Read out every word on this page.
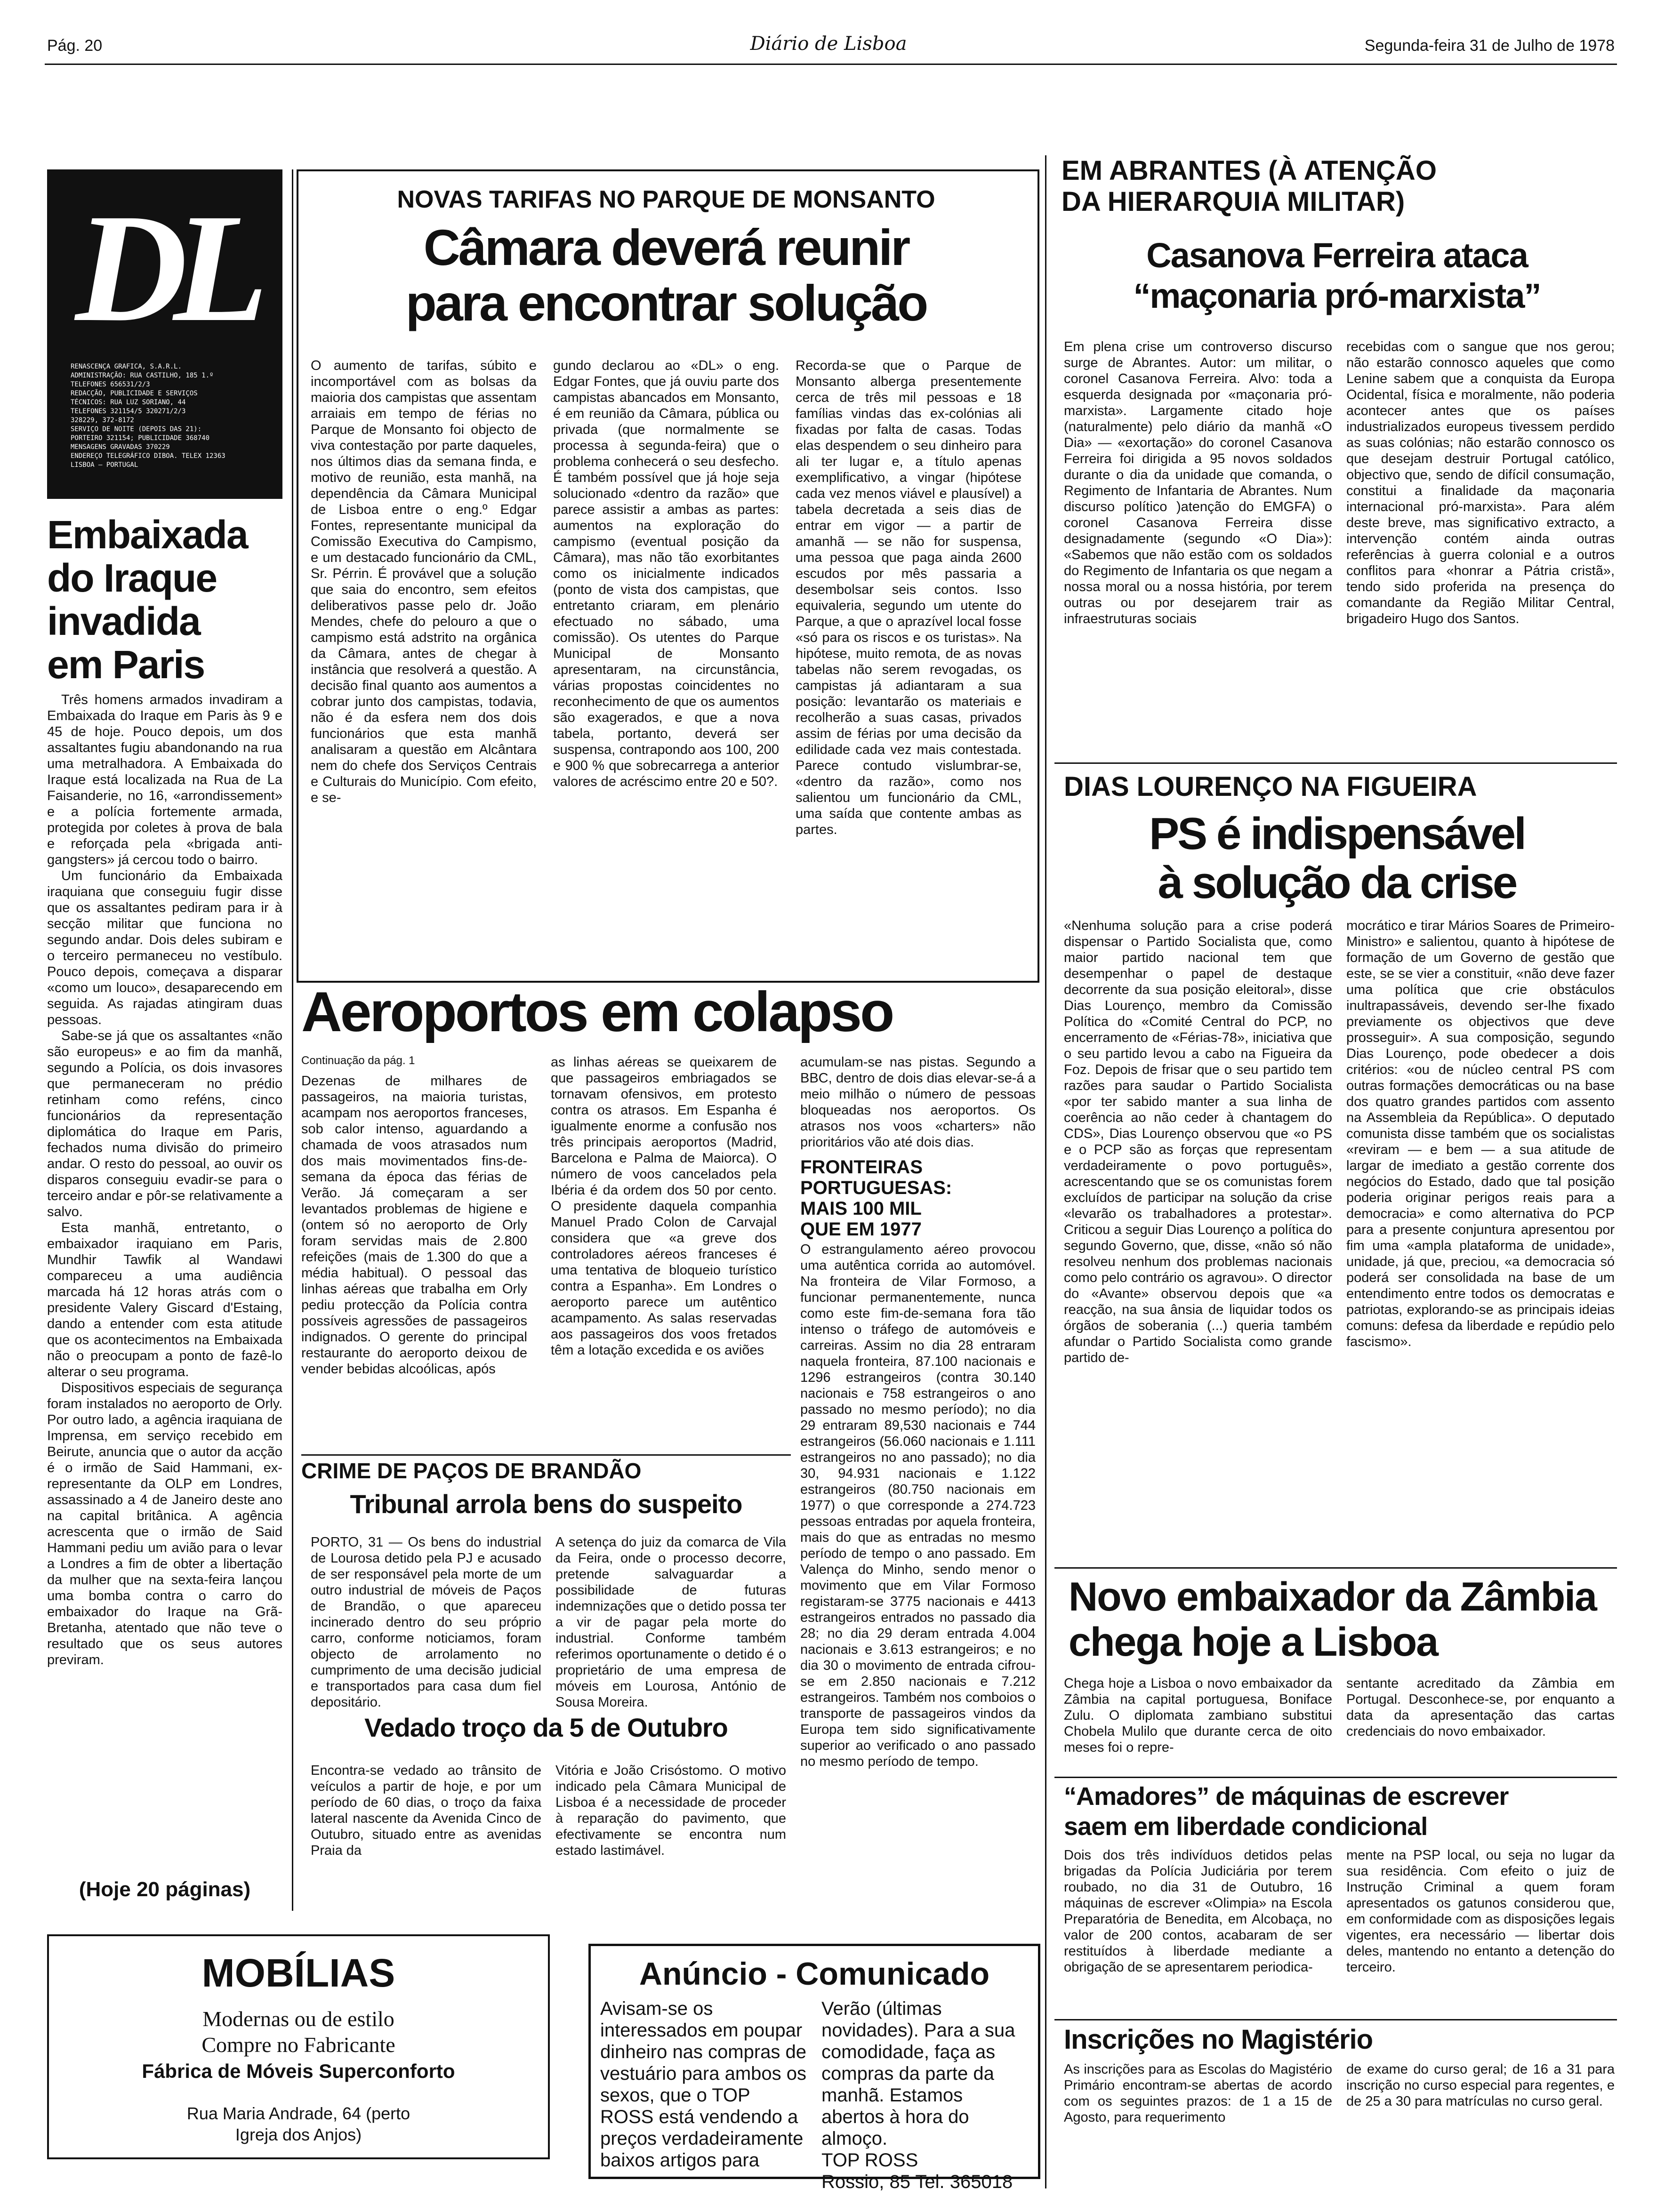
Pág. 20	Diário de Lisboa	Segunda-feira 31 de Julho de 1978
DL
RENASCENÇA GRAFICA, S.A.R.L.
ADMINISTRAÇÃO: RUA CASTILHO, 185 1.º
TELEFONES 656531/2/3
REDACÇÃO, PUBLICIDADE E SERVIÇOS
TÉCNICOS: RUA LUZ SORIANO, 44
TELEFONES 321154/5 320271/2/3
328229, 372-8172
SERVIÇO DE NOITE (DEPOIS DAS 21):
PORTEIRO 321154; PUBLICIDADE 368740
MENSAGENS GRAVADAS 370229
ENDEREÇO TELEGRÁFICO DIBOA. TELEX 12363
LISBOA — PORTUGAL
Embaixada
do Iraque
invadida
em Paris

Três homens armados invadiram a Embaixada do Iraque em Paris às 9 e 45 de hoje. Pouco depois, um dos assaltantes fugiu abandonando na rua uma metralhadora. A Embaixada do Iraque está localizada na Rua de La Faisanderie, no 16, «arrondissement» e a polícia fortemente armada, protegida por coletes à prova de bala e reforçada pela «brigada anti-gangsters» já cercou todo o bairro.

Um funcionário da Embaixada iraquiana que conseguiu fugir disse que os assaltantes pediram para ir à secção militar que funciona no segundo andar. Dois deles subiram e o terceiro permaneceu no vestíbulo. Pouco depois, começava a disparar «como um louco», desaparecendo em seguida. As rajadas atingiram duas pessoas.

Sabe-se já que os assaltantes «não são europeus» e ao fim da manhã, segundo a Polícia, os dois invasores que permaneceram no prédio retinham como reféns, cinco funcionários da representação diplomática do Iraque em Paris, fechados numa divisão do primeiro andar. O resto do pessoal, ao ouvir os disparos conseguiu evadir-se para o terceiro andar e pôr-se relativamente a salvo.

Esta manhã, entretanto, o embaixador iraquiano em Paris, Mundhir Tawfik al Wandawi compareceu a uma audiência marcada há 12 horas atrás com o presidente Valery Giscard d'Estaing, dando a entender com esta atitude que os acontecimentos na Embaixada não o preocupam a ponto de fazê-lo alterar o seu programa.

Dispositivos especiais de segurança foram instalados no aeroporto de Orly. Por outro lado, a agência iraquiana de Imprensa, em serviço recebido em Beirute, anuncia que o autor da acção é o irmão de Said Hammani, ex-representante da OLP em Londres, assassinado a 4 de Janeiro deste ano na capital britânica. A agência acrescenta que o irmão de Said Hammani pediu um avião para o levar a Londres a fim de obter a libertação da mulher que na sexta-feira lançou uma bomba contra o carro do embaixador do Iraque na Grã-Bretanha, atentado que não teve o resultado que os seus autores previram.

(Hoje 20 páginas)
NOVAS TARIFAS NO PARQUE DE MONSANTO
Câmara deverá reunir
para encontrar solução
O aumento de tarifas, súbito e incomportável com as bolsas da maioria dos campistas que assentam arraiais em tempo de férias no Parque de Monsanto foi objecto de viva contestação por parte daqueles, nos últimos dias da semana finda, e motivo de reunião, esta manhã, na dependência da Câmara Municipal de Lisboa entre o eng.º Edgar Fontes, representante municipal da Comissão Executiva do Campismo, e um destacado funcionário da CML, Sr. Pérrin. É provável que a solução que saia do encontro, sem efeitos deliberativos passe pelo dr. João Mendes, chefe do pelouro a que o campismo está adstrito na orgânica da Câmara, antes de chegar à instância que resolverá a questão. A decisão final quanto aos aumentos a cobrar junto dos campistas, todavia, não é da esfera nem dos dois funcionários que esta manhã analisaram a questão em Alcântara nem do chefe dos Serviços Centrais e Culturais do Município. Com efeito, e se-
gundo declarou ao «DL» o eng. Edgar Fontes, que já ouviu parte dos campistas abancados em Monsanto, é em reunião da Câmara, pública ou privada (que normalmente se processa à segunda-feira) que o problema conhecerá o seu desfecho. É também possível que já hoje seja solucionado «dentro da razão» que parece assistir a ambas as partes: aumentos na exploração do campismo (eventual posição da Câmara), mas não tão exorbitantes como os inicialmente indicados (ponto de vista dos campistas, que entretanto criaram, em plenário efectuado no sábado, uma comissão). Os utentes do Parque Municipal de Monsanto apresentaram, na circunstância, várias propostas coincidentes no reconhecimento de que os aumentos são exagerados, e que a nova tabela, portanto, deverá ser suspensa, contrapondo aos 100, 200 e 900 % que sobrecarrega a anterior valores de acréscimo entre 20 e 50?.
Recorda-se que o Parque de Monsanto alberga presentemente cerca de três mil pessoas e 18 famílias vindas das ex-colónias ali fixadas por falta de casas. Todas elas despendem o seu dinheiro para ali ter lugar e, a título apenas exemplificativo, a vingar (hipótese cada vez menos viável e plausível) a tabela decretada a seis dias de entrar em vigor — a partir de amanhã — se não for suspensa, uma pessoa que paga ainda 2600 escudos por mês passaria a desembolsar seis contos. Isso equivaleria, segundo um utente do Parque, a que o aprazível local fosse «só para os riscos e os turistas». Na hipótese, muito remota, de as novas tabelas não serem revogadas, os campistas já adiantaram a sua posição: levantarão os materiais e recolherão a suas casas, privados assim de férias por uma decisão da edilidade cada vez mais contestada. Parece contudo vislumbrar-se, «dentro da razão», como nos salientou um funcionário da CML, uma saída que contente ambas as partes.
Aeroportos em colapso
Continuação da pág. 1
Dezenas de milhares de passageiros, na maioria turistas, acampam nos aeroportos franceses, sob calor intenso, aguardando a chamada de voos atrasados num dos mais movimentados fins-de-semana da época das férias de Verão. Já começaram a ser levantados problemas de higiene e (ontem só no aeroporto de Orly foram servidas mais de 2.800 refeições (mais de 1.300 do que a média habitual). O pessoal das linhas aéreas que trabalha em Orly pediu protecção da Polícia contra possíveis agressões de passageiros indignados. O gerente do principal restaurante do aeroporto deixou de vender bebidas alcoólicas, após
as linhas aéreas se queixarem de que passageiros embriagados se tornavam ofensivos, em protesto contra os atrasos. Em Espanha é igualmente enorme a confusão nos três principais aeroportos (Madrid, Barcelona e Palma de Maiorca). O número de voos cancelados pela Ibéria é da ordem dos 50 por cento. O presidente daquela companhia Manuel Prado Colon de Carvajal considera que «a greve dos controladores aéreos franceses é uma tentativa de bloqueio turístico contra a Espanha». Em Londres o aeroporto parece um autêntico acampamento. As salas reservadas aos passageiros dos voos fretados têm a lotação excedida e os aviões
acumulam-se nas pistas. Segundo a BBC, dentro de dois dias elevar-se-á a meio milhão o número de pessoas bloqueadas nos aeroportos. Os atrasos nos voos «charters» não prioritários vão até dois dias.
FRONTEIRAS
PORTUGUESAS:
MAIS 100 MIL
QUE EM 1977
O estrangulamento aéreo provocou uma autêntica corrida ao automóvel. Na fronteira de Vilar Formoso, a funcionar permanentemente, nunca como este fim-de-semana fora tão intenso o tráfego de automóveis e carreiras. Assim no dia 28 entraram naquela fronteira, 87.100 nacionais e 1296 estrangeiros (contra 30.140 nacionais e 758 estrangeiros o ano passado no mesmo período); no dia 29 entraram 89,530 nacionais e 744 estrangeiros (56.060 nacionais e 1.111 estrangeiros no ano passado); no dia 30, 94.931 nacionais e 1.122 estrangeiros (80.750 nacionais em 1977) o que corresponde a 274.723 pessoas entradas por aquela fronteira, mais do que as entradas no mesmo período de tempo o ano passado. Em Valença do Minho, sendo menor o movimento que em Vilar Formoso registaram-se 3775 nacionais e 4413 estrangeiros entrados no passado dia 28; no dia 29 deram entrada 4.004 nacionais e 3.613 estrangeiros; e no dia 30 o movimento de entrada cifrou-se em 2.850 nacionais e 7.212 estrangeiros. Também nos comboios o transporte de passageiros vindos da Europa tem sido significativamente superior ao verificado o ano passado no mesmo período de tempo.
CRIME DE PAÇOS DE BRANDÃO
Tribunal arrola bens do suspeito
PORTO, 31 — Os bens do industrial de Lourosa detido pela PJ e acusado de ser responsável pela morte de um outro industrial de móveis de Paços de Brandão, o que apareceu incinerado dentro do seu próprio carro, conforme noticiamos, foram objecto de arrolamento no cumprimento de uma decisão judicial e transportados para casa dum fiel depositário.
A setença do juiz da comarca de Vila da Feira, onde o processo decorre, pretende salvaguardar a possibilidade de futuras indemnizações que o detido possa ter a vir de pagar pela morte do industrial. Conforme também referimos oportunamente o detido é o proprietário de uma empresa de móveis em Lourosa, António de Sousa Moreira.
Vedado troço da 5 de Outubro
Encontra-se vedado ao trânsito de veículos a partir de hoje, e por um período de 60 dias, o troço da faixa lateral nascente da Avenida Cinco de Outubro, situado entre as avenidas Praia da
Vitória e João Crisóstomo. O motivo indicado pela Câmara Municipal de Lisboa é a necessidade de proceder à reparação do pavimento, que efectivamente se encontra num estado lastimável.
MOBÍLIAS
Modernas ou de estilo
Compre no Fabricante
Fábrica de Móveis Superconforto
Rua Maria Andrade, 64 (perto
Igreja dos Anjos)
Anúncio - Comunicado
Avisam-se os interessados em poupar dinheiro nas compras de vestuário para ambos os sexos, que o TOP ROSS está vendendo a preços verdadeiramente baixos artigos para
Verão (últimas novidades). Para a sua comodidade, faça as compras da parte da manhã. Estamos abertos à hora do almoço.
TOP ROSS
Rossio, 85 Tel. 365018
EM ABRANTES (À ATENÇÃO
DA HIERARQUIA MILITAR)
Casanova Ferreira ataca
“maçonaria pró-marxista”
Em plena crise um controverso discurso surge de Abrantes. Autor: um militar, o coronel Casanova Ferreira. Alvo: toda a esquerda designada por «maçonaria pró-marxista». Largamente citado hoje (naturalmente) pelo diário da manhã «O Dia» — «exortação» do coronel Casanova Ferreira foi dirigida a 95 novos soldados durante o dia da unidade que comanda, o Regimento de Infantaria de Abrantes. Num discurso político )atenção do EMGFA) o coronel Casanova Ferreira disse designadamente (segundo «O Dia»): «Sabemos que não estão com os soldados do Regimento de Infantaria os que negam a nossa moral ou a nossa história, por terem outras ou por desejarem trair as infraestruturas sociais
recebidas com o sangue que nos gerou; não estarão connosco aqueles que como Lenine sabem que a conquista da Europa Ocidental, física e moralmente, não poderia acontecer antes que os países industrializados europeus tivessem perdido as suas colónias; não estarão connosco os que desejam destruir Portugal católico, objectivo que, sendo de difícil consumação, constitui a finalidade da maçonaria internacional pró-marxista». Para além deste breve, mas significativo extracto, a intervenção contém ainda outras referências à guerra colonial e a outros conflitos para «honrar a Pátria cristã», tendo sido proferida na presença do comandante da Região Militar Central, brigadeiro Hugo dos Santos.
DIAS LOURENÇO NA FIGUEIRA
PS é indispensável
à solução da crise
«Nenhuma solução para a crise poderá dispensar o Partido Socialista que, como maior partido nacional tem que desempenhar o papel de destaque decorrente da sua posição eleitoral», disse Dias Lourenço, membro da Comissão Política do «Comité Central do PCP, no encerramento de «Férias-78», iniciativa que o seu partido levou a cabo na Figueira da Foz. Depois de frisar que o seu partido tem razões para saudar o Partido Socialista «por ter sabido manter a sua linha de coerência ao não ceder à chantagem do CDS», Dias Lourenço observou que «o PS e o PCP são as forças que representam verdadeiramente o povo português», acrescentando que se os comunistas forem excluídos de participar na solução da crise «levarão os trabalhadores a protestar». Criticou a seguir Dias Lourenço a política do segundo Governo, que, disse, «não só não resolveu nenhum dos problemas nacionais como pelo contrário os agravou». O director do «Avante» observou depois que «a reacção, na sua ânsia de liquidar todos os órgãos de soberania (...) queria também afundar o Partido Socialista como grande partido de-
mocrático e tirar Mários Soares de Primeiro-Ministro» e salientou, quanto à hipótese de formação de um Governo de gestão que este, se se vier a constituir, «não deve fazer uma política que crie obstáculos inultrapassáveis, devendo ser-lhe fixado previamente os objectivos que deve prosseguir». A sua composição, segundo Dias Lourenço, pode obedecer a dois critérios: «ou de núcleo central PS com outras formações democráticas ou na base dos quatro grandes partidos com assento na Assembleia da República». O deputado comunista disse também que os socialistas «reviram — e bem — a sua atitude de largar de imediato a gestão corrente dos negócios do Estado, dado que tal posição poderia originar perigos reais para a democracia» e como alternativa do PCP para a presente conjuntura apresentou por fim uma «ampla plataforma de unidade», unidade, já que, preciou, «a democracia só poderá ser consolidada na base de um entendimento entre todos os democratas e patriotas, explorando-se as principais ideias comuns: defesa da liberdade e repúdio pelo fascismo».
Novo embaixador da Zâmbia
chega hoje a Lisboa
Chega hoje a Lisboa o novo embaixador da Zâmbia na capital portuguesa, Boniface Zulu. O diplomata zambiano substitui Chobela Mulilo que durante cerca de oito meses foi o repre-
sentante acreditado da Zâmbia em Portugal. Desconhece-se, por enquanto a data da apresentação das cartas credenciais do novo embaixador.
“Amadores” de máquinas de escrever
saem em liberdade condicional
Dois dos três indivíduos detidos pelas brigadas da Polícia Judiciária por terem roubado, no dia 31 de Outubro, 16 máquinas de escrever «Olimpia» na Escola Preparatória de Benedita, em Alcobaça, no valor de 200 contos, acabaram de ser restituídos à liberdade mediante a obrigação de se apresentarem periodica-
mente na PSP local, ou seja no lugar da sua residência. Com efeito o juiz de Instrução Criminal a quem foram apresentados os gatunos considerou que, em conformidade com as disposições legais vigentes, era necessário — libertar dois deles, mantendo no entanto a detenção do terceiro.
Inscrições no Magistério
As inscrições para as Escolas do Magistério Primário encontram-se abertas de acordo com os seguintes prazos: de 1 a 15 de Agosto, para requerimento
de exame do curso geral; de 16 a 31 para inscrição no curso especial para regentes, e de 25 a 30 para matrículas no curso geral.
